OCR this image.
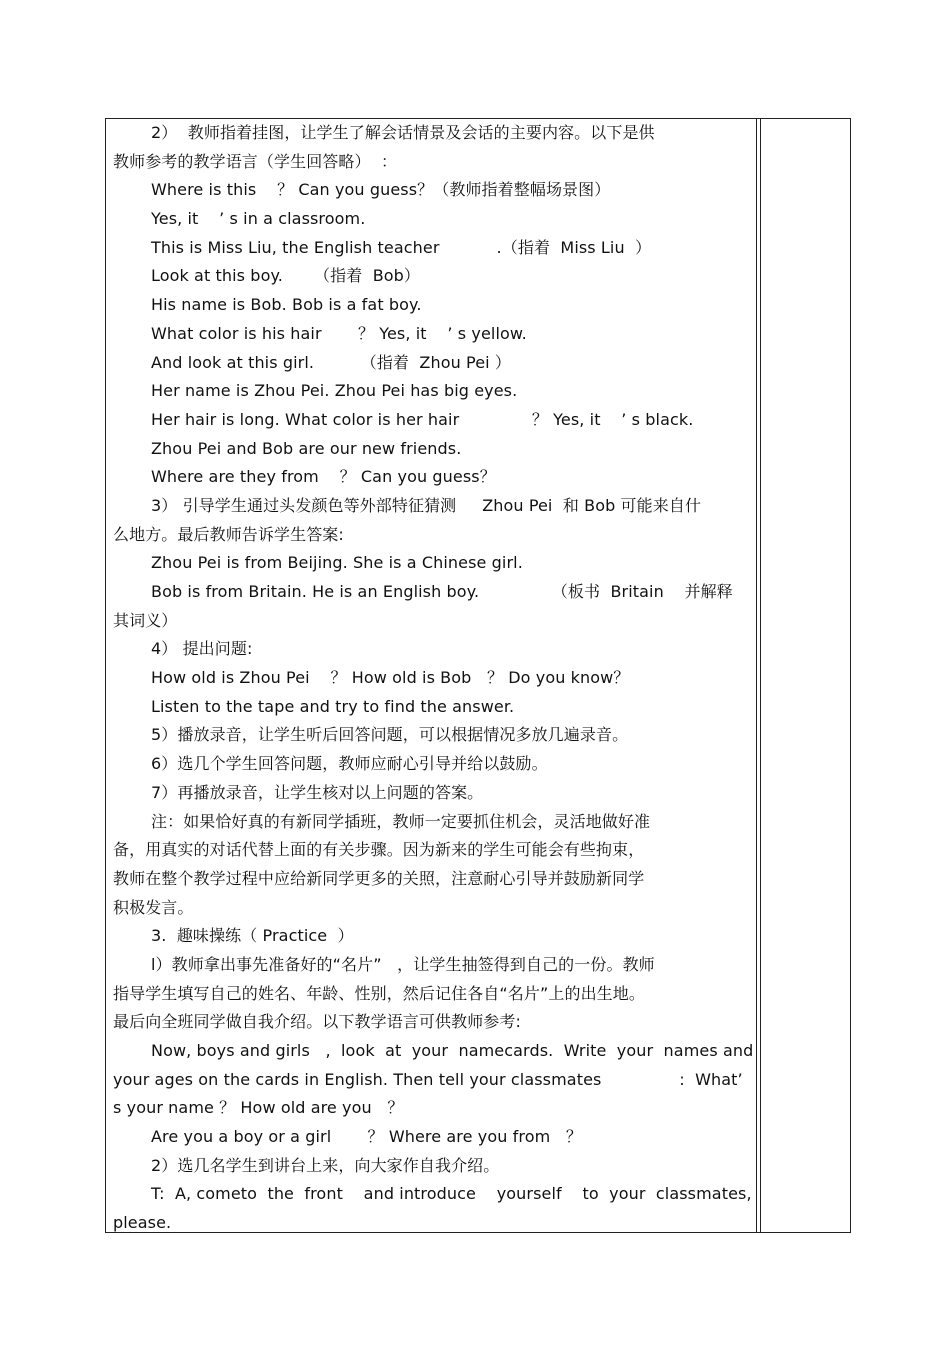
2）  教师指着挂图，让学生了解会话情景及会话的主要内容。以下是供
教师参考的教学语言（学生回答略）  ：
Where is this    ？ Can you guess？（教师指着整幅场景图）
Yes, it    ’ s in a classroom.
This is Miss Liu, the English teacher           .（指着  Miss Liu  ）
Look at this boy.      （指着  Bob）
His name is Bob. Bob is a fat boy.
What color is his hair       ？ Yes, it    ’ s yellow.
And look at this girl.         （指着  Zhou Pei ）
Her name is Zhou Pei. Zhou Pei has big eyes.
Her hair is long. What color is her hair              ？ Yes, it    ’ s black.
Zhou Pei and Bob are our new friends.
Where are they from    ？ Can you guess？
3） 引导学生通过头发颜色等外部特征猜测     Zhou Pei  和 Bob 可能来自什
么地方。最后教师告诉学生答案:
Zhou Pei is from Beijing. She is a Chinese girl.
Bob is from Britain. He is an English boy.              （板书  Britain    并解释
其词义）
4） 提出问题:
How old is Zhou Pei    ？ How old is Bob   ？ Do you know？
Listen to the tape and try to find the answer.
5）播放录音，让学生听后回答问题，可以根据情况多放几遍录音。
6）选几个学生回答问题，教师应耐心引导并给以鼓励。
7）再播放录音，让学生核对以上问题的答案。
注：如果恰好真的有新同学插班，教师一定要抓住机会，灵活地做好准
备，用真实的对话代替上面的有关步骤。因为新来的学生可能会有些拘束，
教师在整个教学过程中应给新同学更多的关照，注意耐心引导并鼓励新同学
积极发言。
3.  趣味操练（ Practice  ）
l）教师拿出事先准备好的“名片”   ，让学生抽签得到自己的一份。教师
指导学生填写自己的姓名、年龄、性别，然后记住各自“名片”上的出生地。
最后向全班同学做自我介绍。以下教学语言可供教师参考:
Now, boys and girls   ,  look  at  your  namecards.  Write  your  names and
your ages on the cards in English. Then tell your classmates               :  What’
s your name ？ How old are you   ？
Are you a boy or a girl       ？ Where are you from   ？
2）选几名学生到讲台上来，向大家作自我介绍。
T:  A, cometo  the  front    and introduce    yourself    to  your  classmates,
please.
